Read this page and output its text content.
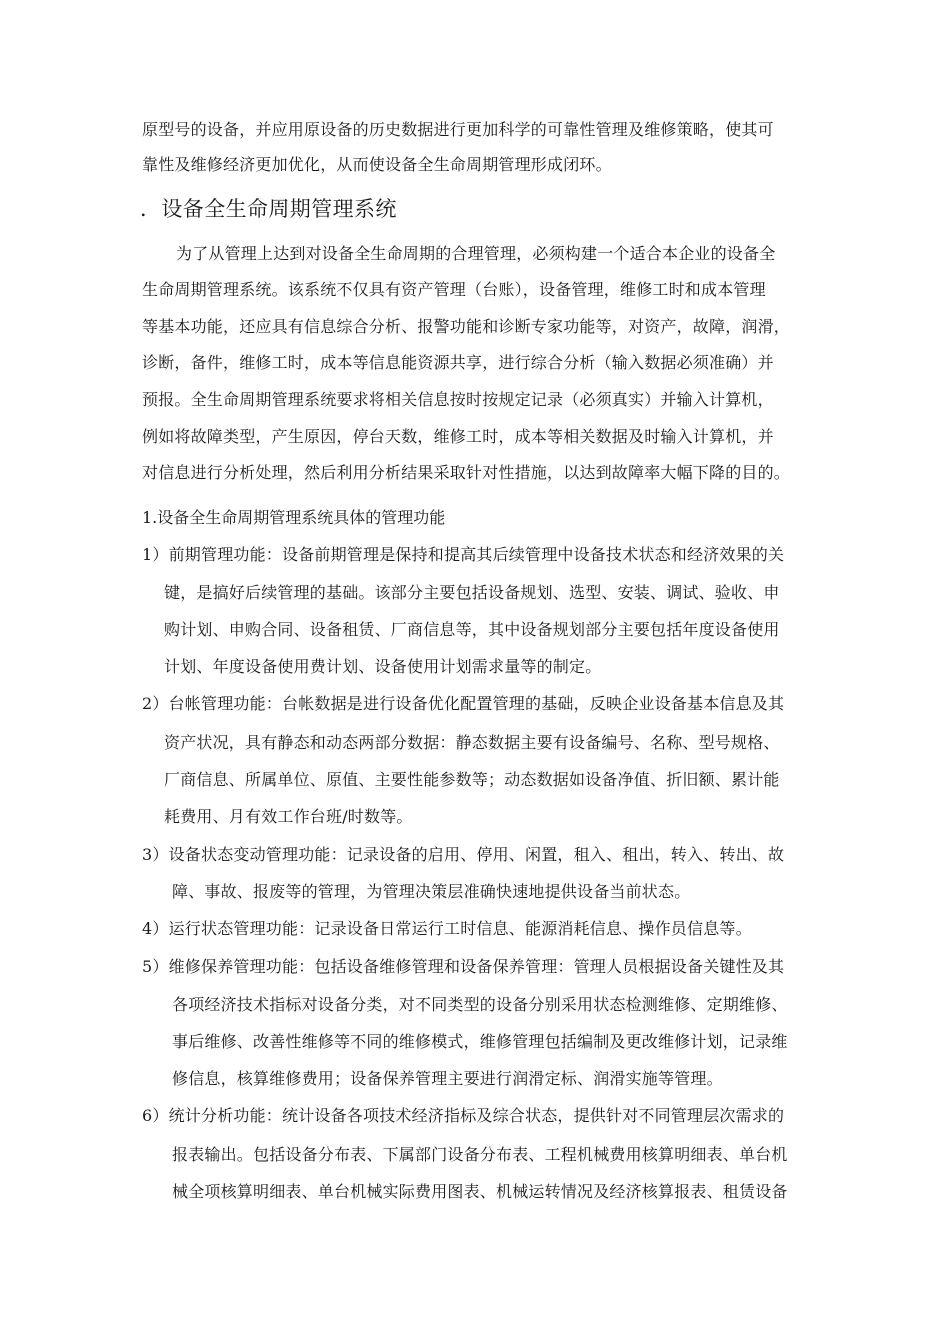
原型号的设备，并应用原设备的历史数据进行更加科学的可靠性管理及维修策略，使其可
靠性及维修经济更加优化，从而使设备全生命周期管理形成闭环。
．设备全生命周期管理系统
为了从管理上达到对设备全生命周期的合理管理，必须构建一个适合本企业的设备全
生命周期管理系统。该系统不仅具有资产管理（台账），设备管理，维修工时和成本管理
等基本功能，还应具有信息综合分析、报警功能和诊断专家功能等，对资产，故障，润滑，
诊断，备件，维修工时，成本等信息能资源共享，进行综合分析（输入数据必须准确）并
预报。全生命周期管理系统要求将相关信息按时按规定记录（必须真实）并输入计算机，
例如将故障类型，产生原因，停台天数，维修工时，成本等相关数据及时输入计算机，并
对信息进行分析处理，然后利用分析结果采取针对性措施，以达到故障率大幅下降的目的。
1.设备全生命周期管理系统具体的管理功能
1）前期管理功能：设备前期管理是保持和提高其后续管理中设备技术状态和经济效果的关
键，是搞好后续管理的基础。该部分主要包括设备规划、选型、安装、调试、验收、申
购计划、申购合同、设备租赁、厂商信息等，其中设备规划部分主要包括年度设备使用
计划、年度设备使用费计划、设备使用计划需求量等的制定。
2）台帐管理功能：台帐数据是进行设备优化配置管理的基础，反映企业设备基本信息及其
资产状况，具有静态和动态两部分数据：静态数据主要有设备编号、名称、型号规格、
厂商信息、所属单位、原值、主要性能参数等；动态数据如设备净值、折旧额、累计能
耗费用、月有效工作台班/时数等。
3）设备状态变动管理功能：记录设备的启用、停用、闲置，租入、租出，转入、转出、故
障、事故、报废等的管理，为管理决策层准确快速地提供设备当前状态。
4）运行状态管理功能：记录设备日常运行工时信息、能源消耗信息、操作员信息等。
5）维修保养管理功能：包括设备维修管理和设备保养管理：管理人员根据设备关键性及其
各项经济技术指标对设备分类，对不同类型的设备分别采用状态检测维修、定期维修、
事后维修、改善性维修等不同的维修模式，维修管理包括编制及更改维修计划，记录维
修信息，核算维修费用；设备保养管理主要进行润滑定标、润滑实施等管理。
6）统计分析功能：统计设备各项技术经济指标及综合状态，提供针对不同管理层次需求的
报表输出。包括设备分布表、下属部门设备分布表、工程机械费用核算明细表、单台机
械全项核算明细表、单台机械实际费用图表、机械运转情况及经济核算报表、租赁设备
